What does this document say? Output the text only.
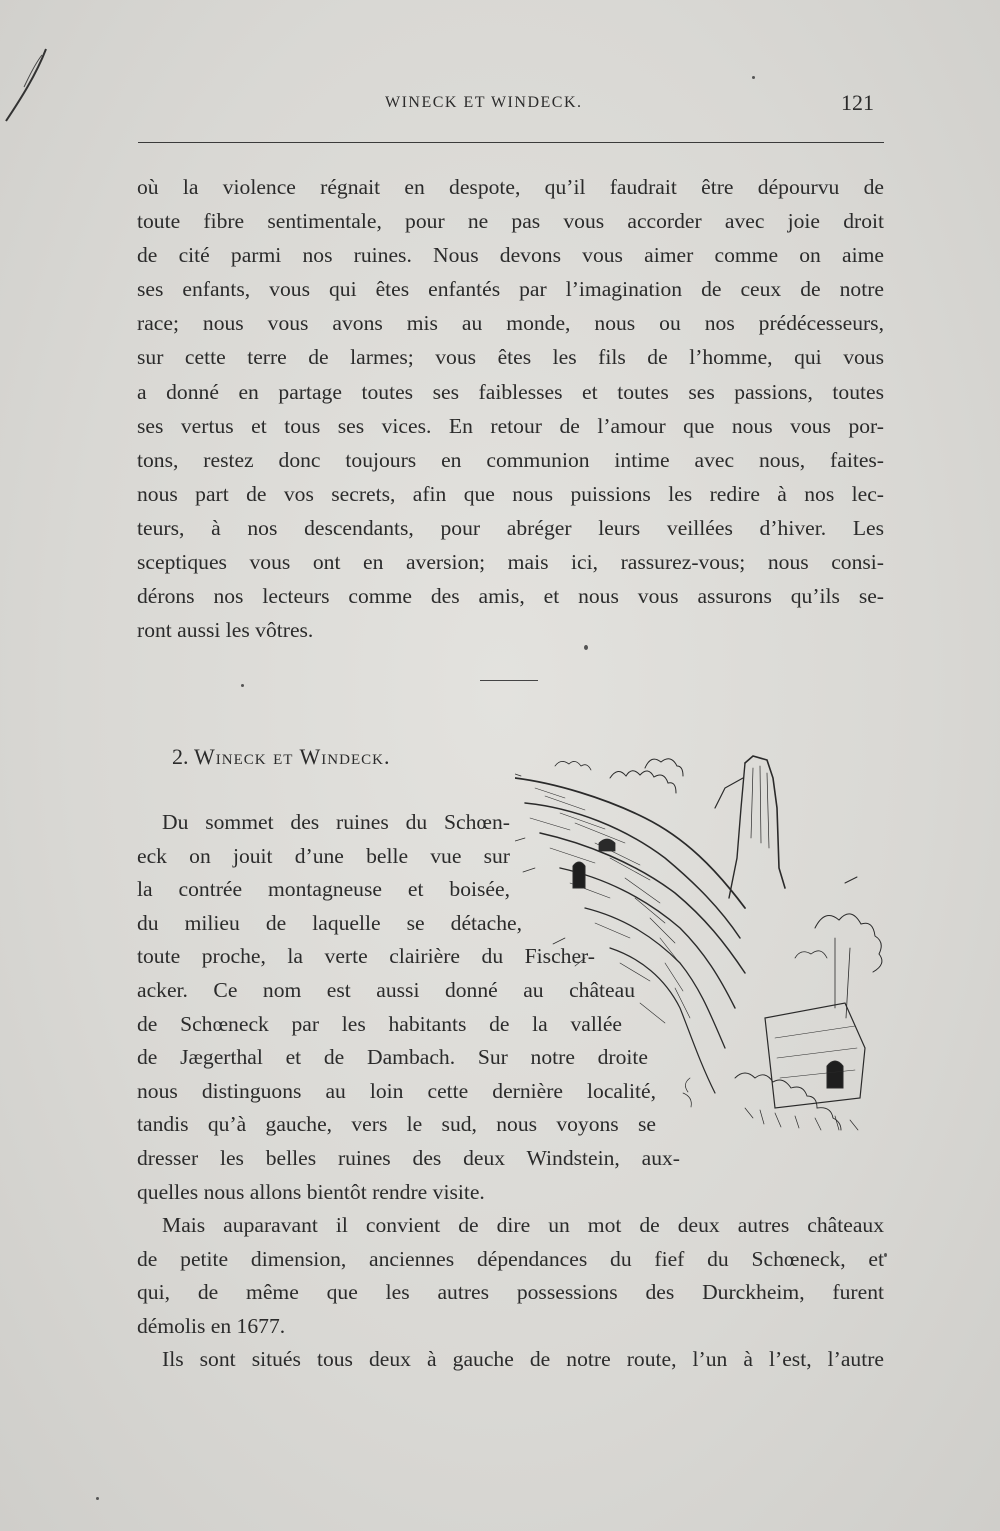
WINECK ET WINDECK.	121

où la violence régnait en despote, qu’il faudrait être dépourvu de
toute fibre sentimentale, pour ne pas vous accorder avec joie droit
de cité parmi nos ruines. Nous devons vous aimer comme on aime
ses enfants, vous qui êtes enfantés par l’imagination de ceux de notre
race; nous vous avons mis au monde, nous ou nos prédécesseurs,
sur cette terre de larmes; vous êtes les fils de l’homme, qui vous
a donné en partage toutes ses faiblesses et toutes ses passions, toutes
ses vertus et tous ses vices. En retour de l’amour que nous vous por-
tons, restez donc toujours en communion intime avec nous, faites-
nous part de vos secrets, afin que nous puissions les redire à nos lec-
teurs, à nos descendants, pour abréger leurs veillées d’hiver. Les
sceptiques vous ont en aversion; mais ici, rassurez-vous; nous consi-
dérons nos lecteurs comme des amis, et nous vous assurons qu’ils se-
ront aussi les vôtres.

2. Wineck et Windeck.

Du sommet des ruines du Schœn-
eck on jouit d’une belle vue sur
la contrée montagneuse et boisée,
du milieu de laquelle se détache,
toute proche, la verte clairière du Fischer-
acker. Ce nom est aussi donné au château
de Schœneck par les habitants de la vallée
de Jægerthal et de Dambach. Sur notre droite
nous distinguons au loin cette dernière localité,
tandis qu’à gauche, vers le sud, nous voyons se
dresser les belles ruines des deux Windstein, aux-
quelles nous allons bientôt rendre visite.

Mais auparavant il convient de dire un mot de deux autres châteaux
de petite dimension, anciennes dépendances du fief du Schœneck, et
qui, de même que les autres possessions des Durckheim, furent
démolis en 1677.
Ils sont situés tous deux à gauche de notre route, l’un à l’est, l’autre
